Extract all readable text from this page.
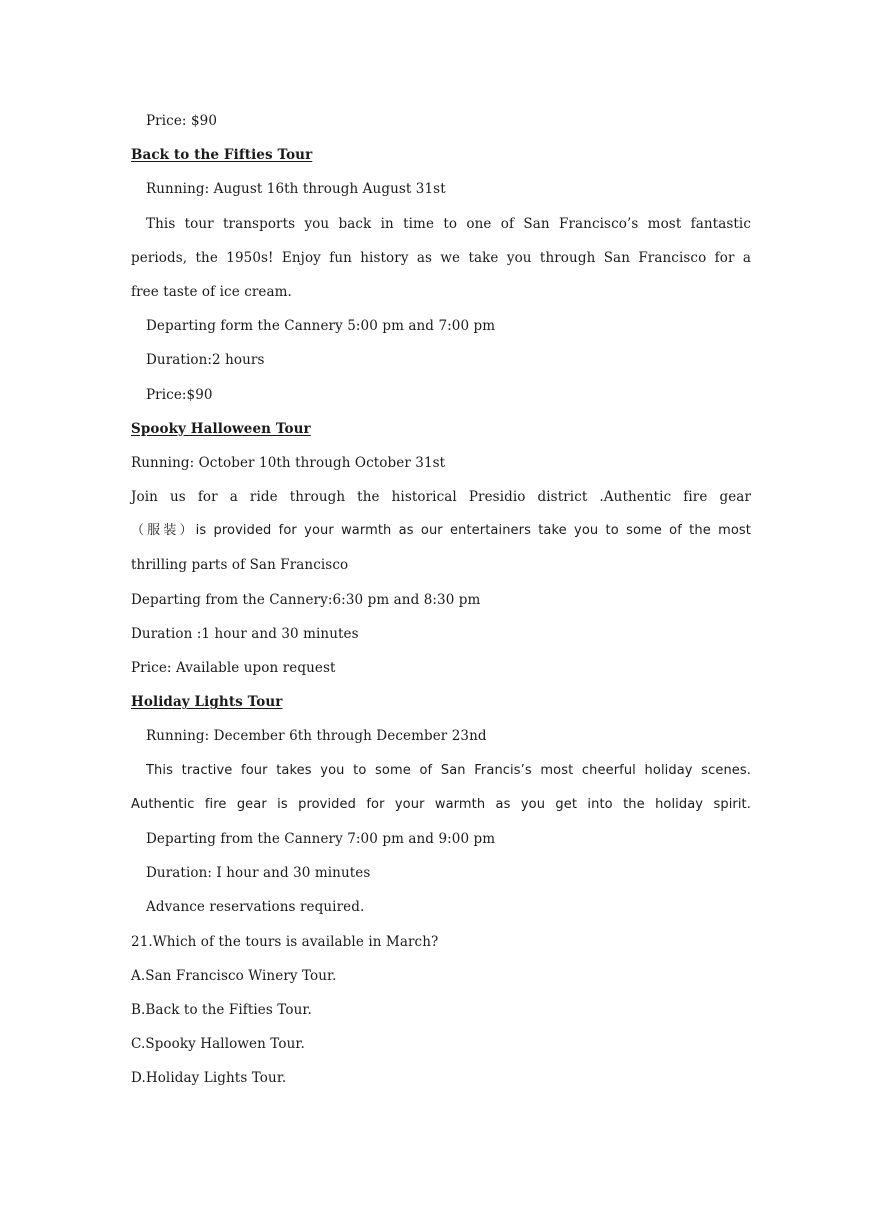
Price: $90
Back to the Fifties Tour
Running: August 16th through August 31st
This tour transports you back in time to one of San Francisco’s most fantastic
periods, the 1950s! Enjoy fun history as we take you through San Francisco for a
free taste of ice cream.
Departing form the Cannery 5:00 pm and 7:00 pm
Duration:2 hours
Price:$90
Spooky Halloween Tour
Running: October 10th through October 31st
Join us for a ride through the historical Presidio district .Authentic fire gear
（服装）is provided for your warmth as our entertainers take you to some of the most
thrilling parts of San Francisco
Departing from the Cannery:6:30 pm and 8:30 pm
Duration :1 hour and 30 minutes
Price: Available upon request
Holiday Lights Tour
Running: December 6th through December 23nd
This tractive four takes you to some of San Francis’s most cheerful holiday scenes.
Authentic fire gear is provided for your warmth as you get into the holiday spirit.
Departing from the Cannery 7:00 pm and 9:00 pm
Duration: I hour and 30 minutes
Advance reservations required.
21.Which of the tours is available in March?
A.San Francisco Winery Tour.
B.Back to the Fifties Tour.
C.Spooky Hallowen Tour.
D.Holiday Lights Tour.
